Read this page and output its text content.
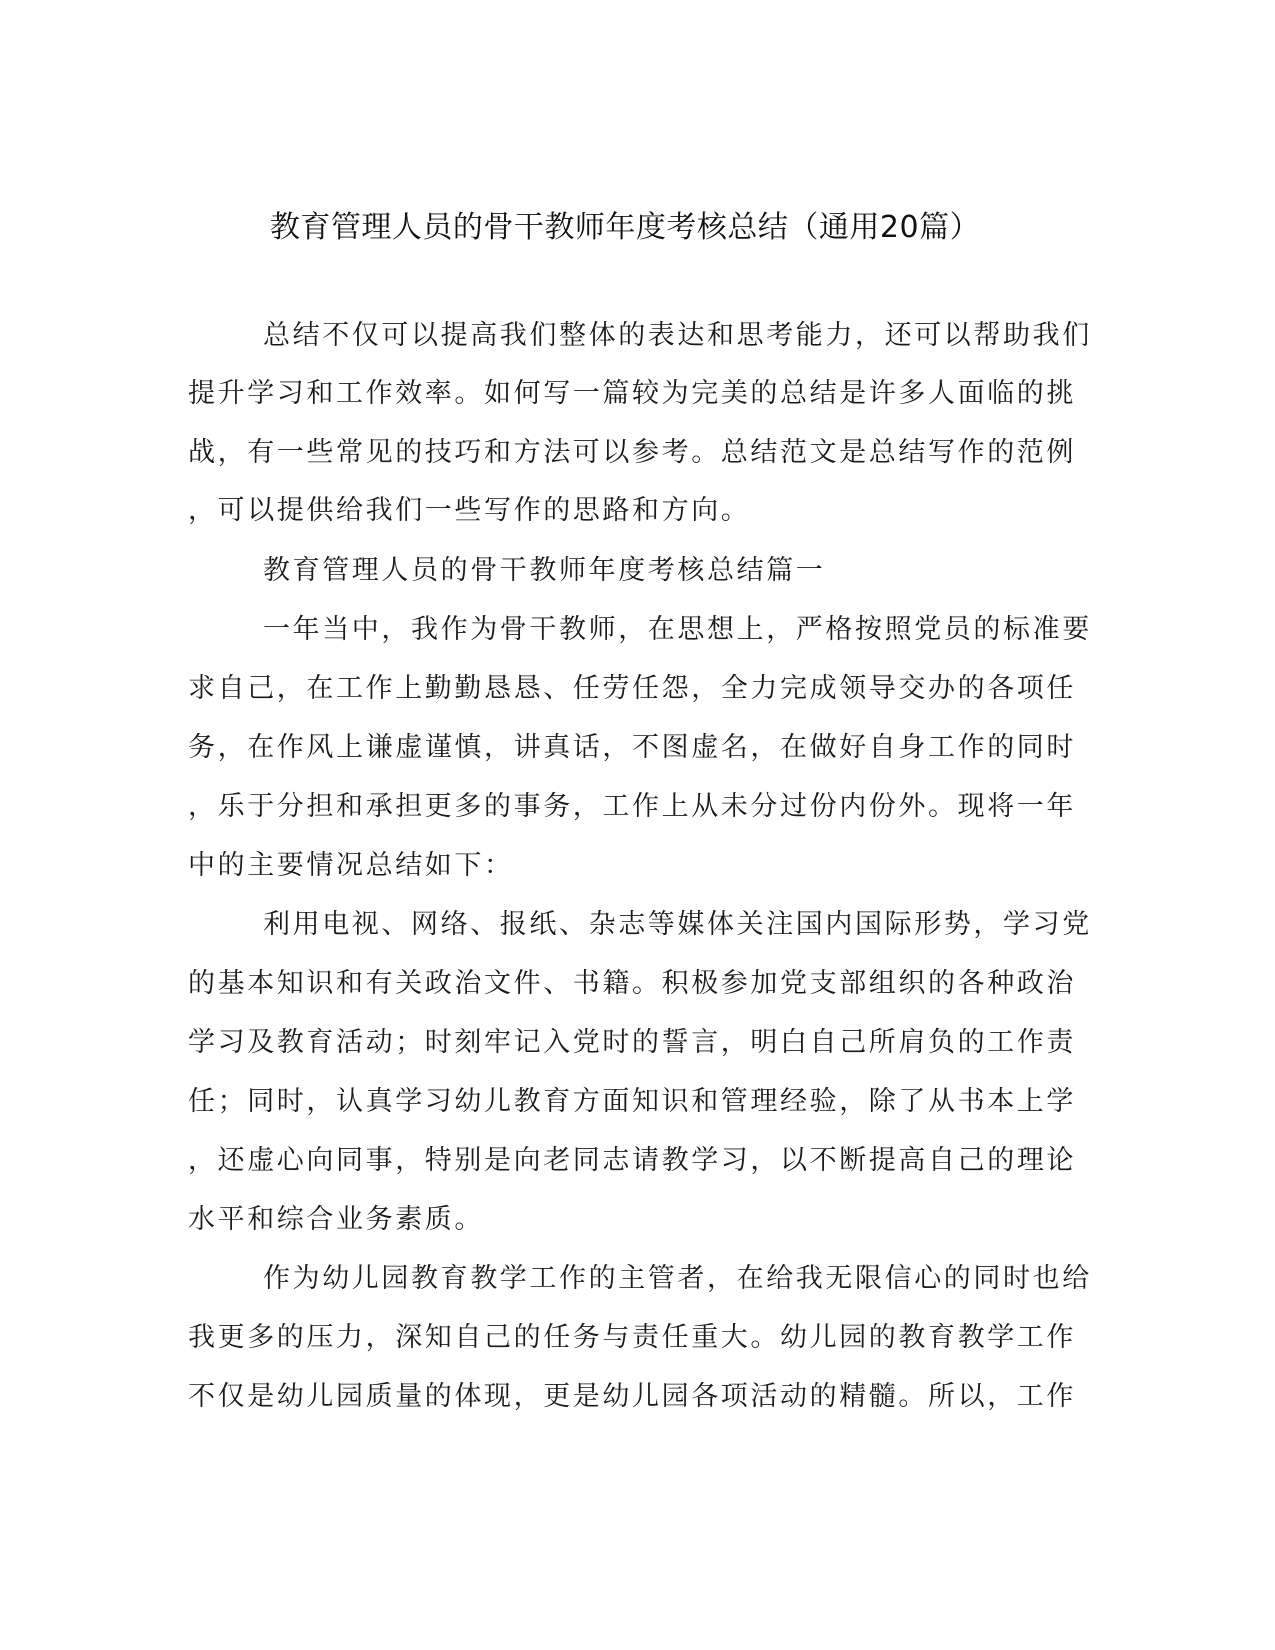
教育管理人员的骨干教师年度考核总结（通用20篇）
总结不仅可以提高我们整体的表达和思考能力，还可以帮助我们
提升学习和工作效率。如何写一篇较为完美的总结是许多人面临的挑
战，有一些常见的技巧和方法可以参考。总结范文是总结写作的范例
，可以提供给我们一些写作的思路和方向。
教育管理人员的骨干教师年度考核总结篇一
一年当中，我作为骨干教师，在思想上，严格按照党员的标准要
求自己，在工作上勤勤恳恳、任劳任怨，全力完成领导交办的各项任
务，在作风上谦虚谨慎，讲真话，不图虚名，在做好自身工作的同时
，乐于分担和承担更多的事务，工作上从未分过份内份外。现将一年
中的主要情况总结如下：
利用电视、网络、报纸、杂志等媒体关注国内国际形势，学习党
的基本知识和有关政治文件、书籍。积极参加党支部组织的各种政治
学习及教育活动；时刻牢记入党时的誓言，明白自己所肩负的工作责
任；同时，认真学习幼儿教育方面知识和管理经验，除了从书本上学
，还虚心向同事，特别是向老同志请教学习，以不断提高自己的理论
水平和综合业务素质。
作为幼儿园教育教学工作的主管者，在给我无限信心的同时也给
我更多的压力，深知自己的任务与责任重大。幼儿园的教育教学工作
不仅是幼儿园质量的体现，更是幼儿园各项活动的精髓。所以，工作
